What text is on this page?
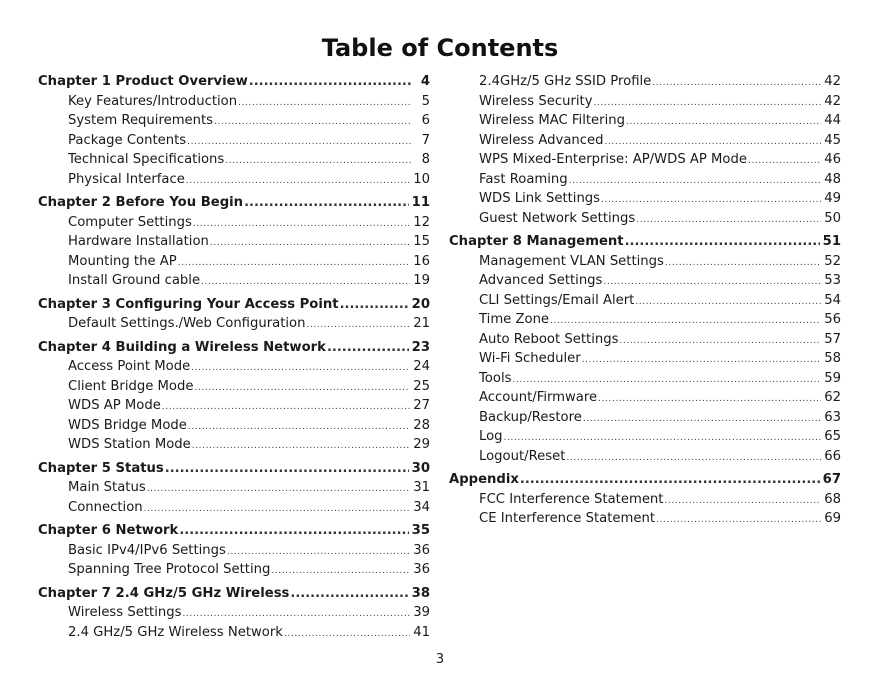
Table of Contents
Chapter 1 Product Overview .....	4
Key Features/Introduction .....	5
System Requirements .....	6
Package Contents .....	7
Technical Specifications .....	8
Physical Interface .....	10
Chapter 2 Before You Begin .....	11
Computer Settings .....	12
Hardware Installation .....	15
Mounting the AP .....	16
Install Ground cable .....	19
Chapter 3 Configuring Your Access Point .....	20
Default Settings./Web Configuration .....	21
Chapter 4 Building a Wireless Network .....	23
Access Point Mode .....	24
Client Bridge Mode .....	25
WDS AP Mode .....	27
WDS Bridge Mode .....	28
WDS Station Mode .....	29
Chapter 5 Status .....	30
Main Status .....	31
Connection .....	34
Chapter 6 Network .....	35
Basic IPv4/IPv6 Settings .....	36
Spanning Tree Protocol Setting .....	36
Chapter 7 2.4 GHz/5 GHz Wireless .....	38
Wireless Settings .....	39
2.4 GHz/5 GHz Wireless Network .....	41
2.4GHz/5 GHz SSID Profile .....	42
Wireless Security .....	42
Wireless MAC Filtering .....	44
Wireless Advanced .....	45
WPS Mixed-Enterprise: AP/WDS AP Mode .....	46
Fast Roaming .....	48
WDS Link Settings .....	49
Guest Network Settings .....	50
Chapter 8 Management .....	51
Management VLAN Settings .....	52
Advanced Settings .....	53
CLI Settings/Email Alert .....	54
Time Zone .....	56
Auto Reboot Settings .....	57
Wi-Fi Scheduler .....	58
Tools .....	59
Account/Firmware .....	62
Backup/Restore .....	63
Log .....	65
Logout/Reset .....	66
Appendix .....	67
FCC Interference Statement .....	68
CE Interference Statement .....	69
3
